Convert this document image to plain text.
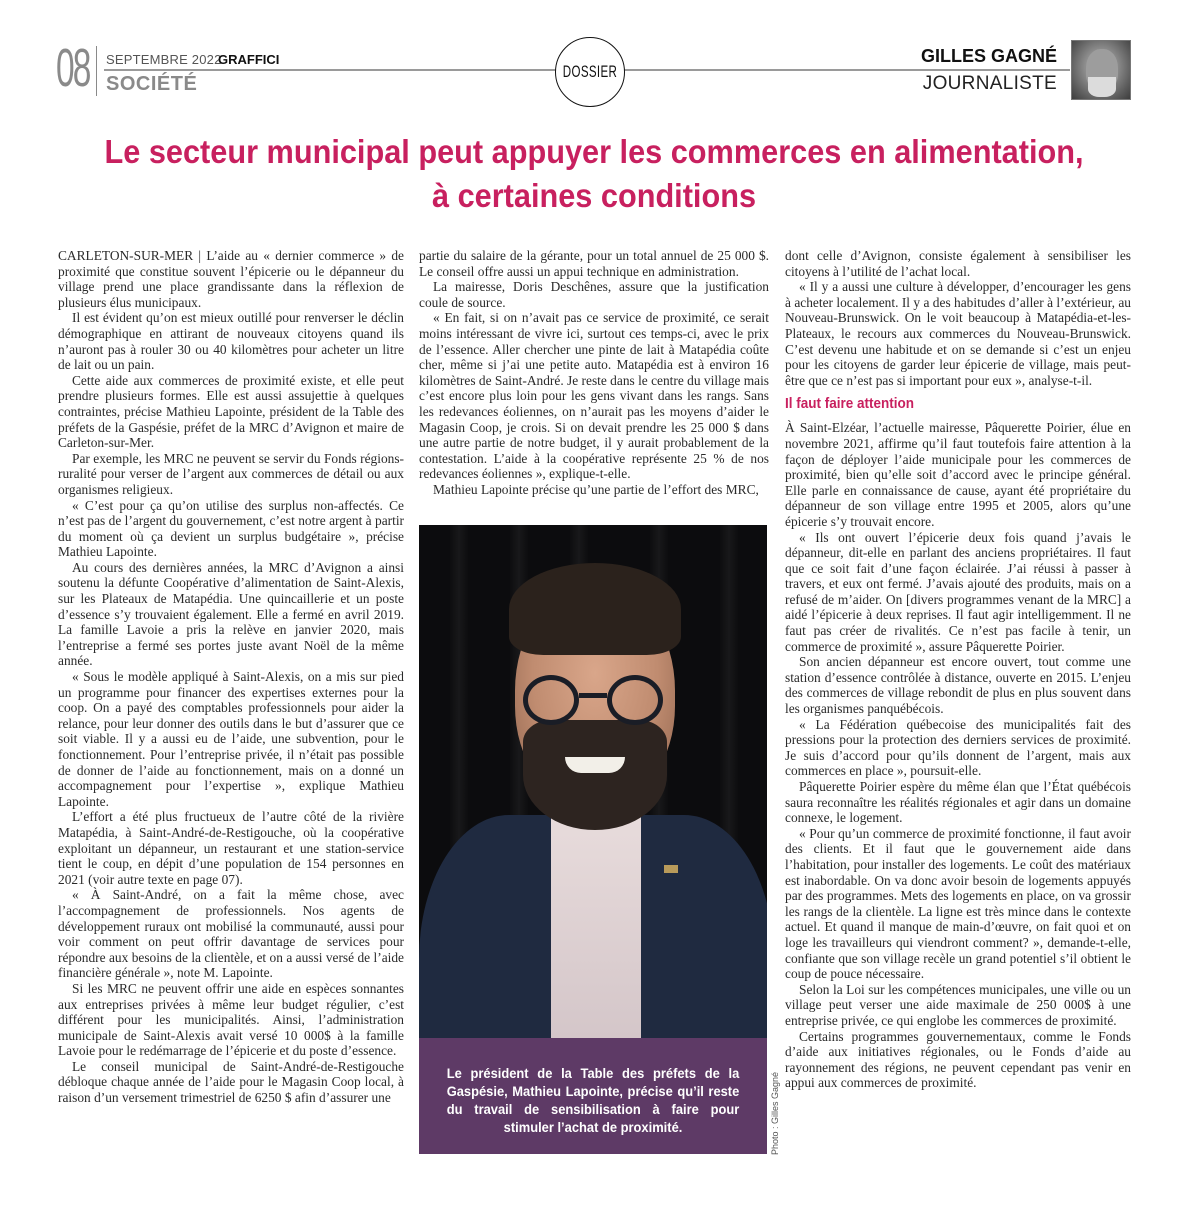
08 SEPTEMBRE 2022
GRAFFICI
SOCIÉTÉ
DOSSIER
GILLES GAGNÉ
JOURNALISTE
Le secteur municipal peut appuyer les commerces en alimentation, à certaines conditions

CARLETON-SUR-MER | L’aide au « dernier commerce » de proximité que constitue souvent l’épicerie ou le dépanneur du village prend une place grandissante dans la réflexion de plusieurs élus municipaux.

Il est évident qu’on est mieux outillé pour renverser le déclin démographique en attirant de nouveaux citoyens quand ils n’auront pas à rouler 30 ou 40 kilomètres pour acheter un litre de lait ou un pain.

Cette aide aux commerces de proximité existe, et elle peut prendre plusieurs formes. Elle est aussi assujettie à quelques contraintes, précise Mathieu Lapointe, président de la Table des préfets de la Gaspésie, préfet de la MRC d’Avignon et maire de Carleton-sur-Mer.

Par exemple, les MRC ne peuvent se servir du Fonds régions-ruralité pour verser de l’argent aux commerces de détail ou aux organismes religieux.

« C’est pour ça qu’on utilise des surplus non-affectés. Ce n’est pas de l’argent du gouvernement, c’est notre argent à partir du moment où ça devient un surplus budgétaire », précise Mathieu Lapointe.

Au cours des dernières années, la MRC d’Avignon a ainsi soutenu la défunte Coopérative d’alimentation de Saint-Alexis, sur les Plateaux de Matapédia. Une quincaillerie et un poste d’essence s’y trouvaient également. Elle a fermé en avril 2019. La famille Lavoie a pris la relève en janvier 2020, mais l’entreprise a fermé ses portes juste avant Noël de la même année.

« Sous le modèle appliqué à Saint-Alexis, on a mis sur pied un programme pour financer des expertises externes pour la coop. On a payé des comptables professionnels pour aider la relance, pour leur donner des outils dans le but d’assurer que ce soit viable. Il y a aussi eu de l’aide, une subvention, pour le fonctionnement. Pour l’entreprise privée, il n’était pas possible de donner de l’aide au fonctionnement, mais on a donné un accompagnement pour l’expertise », explique Mathieu Lapointe.

L’effort a été plus fructueux de l’autre côté de la rivière Matapédia, à Saint-André-de-Restigouche, où la coopérative exploitant un dépanneur, un restaurant et une station-service tient le coup, en dépit d’une population de 154 personnes en 2021 (voir autre texte en page 07).

« À Saint-André, on a fait la même chose, avec l’accompagnement de professionnels. Nos agents de développement ruraux ont mobilisé la communauté, aussi pour voir comment on peut offrir davantage de services pour répondre aux besoins de la clientèle, et on a aussi versé de l’aide financière générale », note M. Lapointe.

Si les MRC ne peuvent offrir une aide en espèces sonnantes aux entreprises privées à même leur budget régulier, c’est différent pour les municipalités. Ainsi, l’administration municipale de Saint-Alexis avait versé 10 000$ à la famille Lavoie pour le redémarrage de l’épicerie et du poste d’essence.

Le conseil municipal de Saint-André-de-Restigouche débloque chaque année de l’aide pour le Magasin Coop local, à raison d’un versement trimestriel de 6250 $ afin d’assurer une

partie du salaire de la gérante, pour un total annuel de 25 000 $. Le conseil offre aussi un appui technique en administration.

La mairesse, Doris Deschênes, assure que la justification coule de source.

« En fait, si on n’avait pas ce service de proximité, ce serait moins intéressant de vivre ici, surtout ces temps-ci, avec le prix de l’essence. Aller chercher une pinte de lait à Matapédia coûte cher, même si j’ai une petite auto. Matapédia est à environ 16 kilomètres de Saint-André. Je reste dans le centre du village mais c’est encore plus loin pour les gens vivant dans les rangs. Sans les redevances éoliennes, on n’aurait pas les moyens d’aider le Magasin Coop, je crois. Si on devait prendre les 25 000 $ dans une autre partie de notre budget, il y aurait probablement de la contestation. L’aide à la coopérative représente 25 % de nos redevances éoliennes », explique-t-elle.

Mathieu Lapointe précise qu’une partie de l’effort des MRC,

Le président de la Table des préfets de la Gaspésie, Mathieu Lapointe, précise qu’il reste du travail de sensibilisation à faire pour stimuler l’achat de proximité.	Photo : Gilles Gagné

dont celle d’Avignon, consiste également à sensibiliser les citoyens à l’utilité de l’achat local.

« Il y a aussi une culture à développer, d’encourager les gens à acheter localement. Il y a des habitudes d’aller à l’extérieur, au Nouveau-Brunswick. On le voit beaucoup à Matapédia-et-les-Plateaux, le recours aux commerces du Nouveau-Brunswick. C’est devenu une habitude et on se demande si c’est un enjeu pour les citoyens de garder leur épicerie de village, mais peut-être que ce n’est pas si important pour eux », analyse-t-il.

Il faut faire attention

À Saint-Elzéar, l’actuelle mairesse, Pâquerette Poirier, élue en novembre 2021, affirme qu’il faut toutefois faire attention à la façon de déployer l’aide municipale pour les commerces de proximité, bien qu’elle soit d’accord avec le principe général. Elle parle en connaissance de cause, ayant été propriétaire du dépanneur de son village entre 1995 et 2005, alors qu’une épicerie s’y trouvait encore.

« Ils ont ouvert l’épicerie deux fois quand j’avais le dépanneur, dit-elle en parlant des anciens propriétaires. Il faut que ce soit fait d’une façon éclairée. J’ai réussi à passer à travers, et eux ont fermé. J’avais ajouté des produits, mais on a refusé de m’aider. On [divers programmes venant de la MRC] a aidé l’épicerie à deux reprises. Il faut agir intelligemment. Il ne faut pas créer de rivalités. Ce n’est pas facile à tenir, un commerce de proximité », assure Pâquerette Poirier.

Son ancien dépanneur est encore ouvert, tout comme une station d’essence contrôlée à distance, ouverte en 2015. L’enjeu des commerces de village rebondit de plus en plus souvent dans les organismes panquébécois.

« La Fédération québecoise des municipalités fait des pressions pour la protection des derniers services de proximité. Je suis d’accord pour qu’ils donnent de l’argent, mais aux commerces en place », poursuit-elle.

Pâquerette Poirier espère du même élan que l’État québécois saura reconnaître les réalités régionales et agir dans un domaine connexe, le logement.

« Pour qu’un commerce de proximité fonctionne, il faut avoir des clients. Et il faut que le gouvernement aide dans l’habitation, pour installer des logements. Le coût des matériaux est inabordable. On va donc avoir besoin de logements appuyés par des programmes. Mets des logements en place, on va grossir les rangs de la clientèle. La ligne est très mince dans le contexte actuel. Et quand il manque de main-d’œuvre, on fait quoi et on loge les travailleurs qui viendront comment? », demande-t-elle, confiante que son village recèle un grand potentiel s’il obtient le coup de pouce nécessaire.

Selon la Loi sur les compétences municipales, une ville ou un village peut verser une aide maximale de 250 000$ à une entreprise privée, ce qui englobe les commerces de proximité.

Certains programmes gouvernementaux, comme le Fonds d’aide aux initiatives régionales, ou le Fonds d’aide au rayonnement des régions, ne peuvent cependant pas venir en appui aux commerces de proximité.
